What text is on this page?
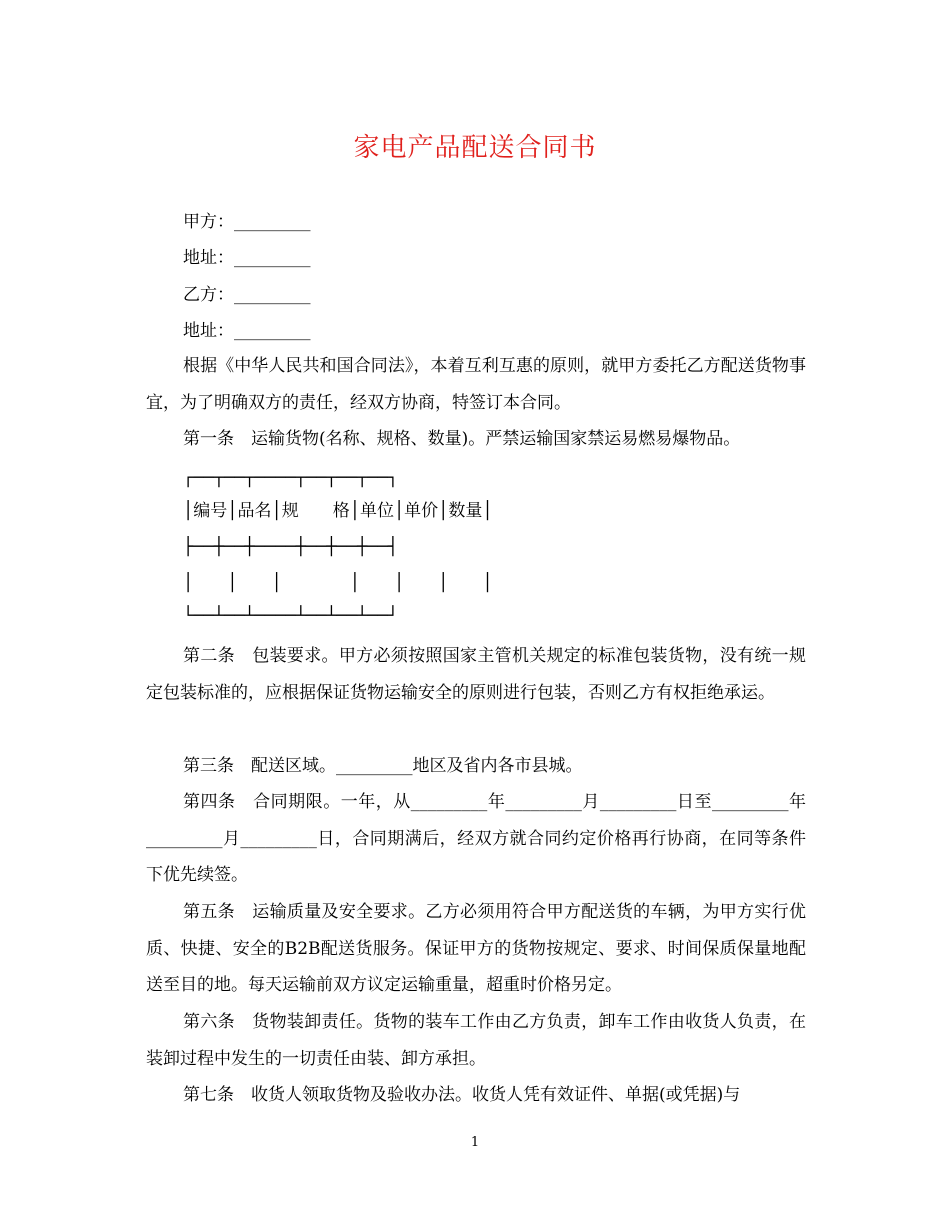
家电产品配送合同书
甲方：_________
地址：_________
乙方：_________
地址：_________
根据《中华人民共和国合同法》，本着互利互惠的原则，就甲方委托乙方配送货物事宜，为了明确双方的责任，经双方协商，特签订本合同。
第一条　运输货物(名称、规格、数量)。严禁运输国家禁运易燃易爆物品。
┌──┬──┬────┬──┬──┬──┐
│编号│品名│规　　格│单位│单价│数量│
├──┼──┼────┼──┼──┼──┤
│　　│　　│　　　　│　　│　　│　　│
└──┴──┴────┴──┴──┴──┘
第二条　包装要求。甲方必须按照国家主管机关规定的标准包装货物，没有统一规定包装标准的，应根据保证货物运输安全的原则进行包装，否则乙方有权拒绝承运。
第三条　配送区域。_________地区及省内各市县城。
第四条　合同期限。一年，从_________年_________月_________日至_________年_________月_________日，合同期满后，经双方就合同约定价格再行协商，在同等条件下优先续签。
第五条　运输质量及安全要求。乙方必须用符合甲方配送货的车辆，为甲方实行优质、快捷、安全的B2B配送货服务。保证甲方的货物按规定、要求、时间保质保量地配送至目的地。每天运输前双方议定运输重量，超重时价格另定。
第六条　货物装卸责任。货物的装车工作由乙方负责，卸车工作由收货人负责，在装卸过程中发生的一切责任由装、卸方承担。
第七条　收货人领取货物及验收办法。收货人凭有效证件、单据(或凭据)与
1
